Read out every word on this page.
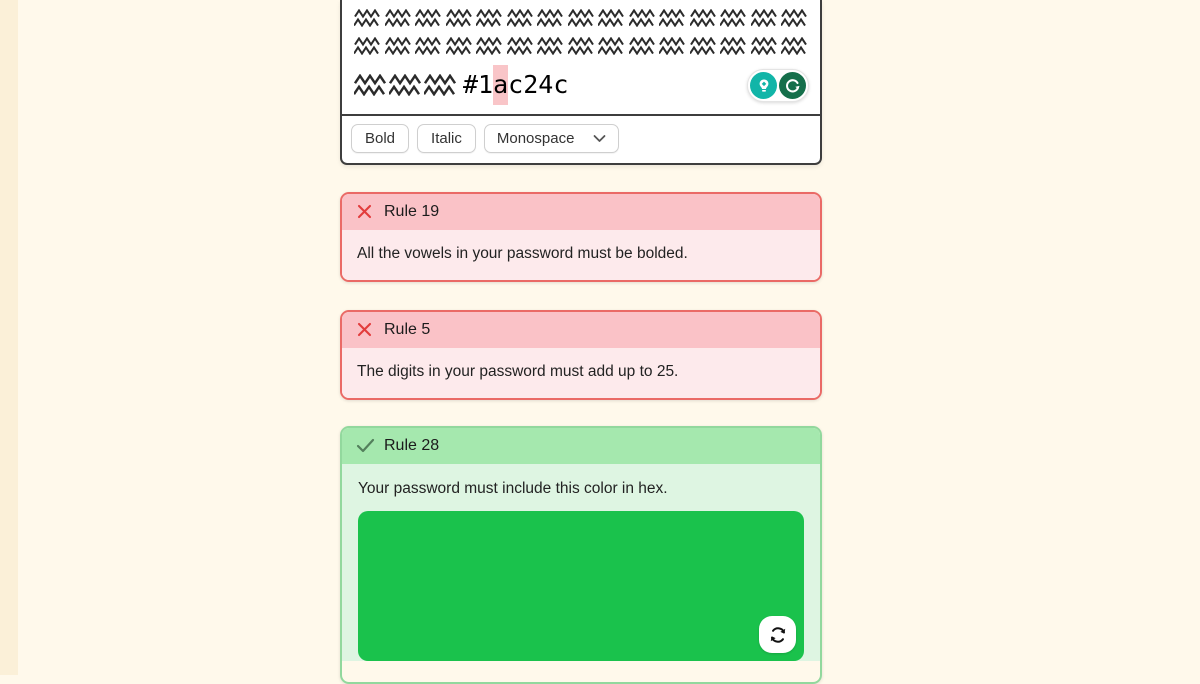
#1ac24c
Bold	Italic	Monospace
Rule 19
All the vowels in your password must be bolded.
Rule 5
The digits in your password must add up to 25.
Rule 28
Your password must include this color in hex.
